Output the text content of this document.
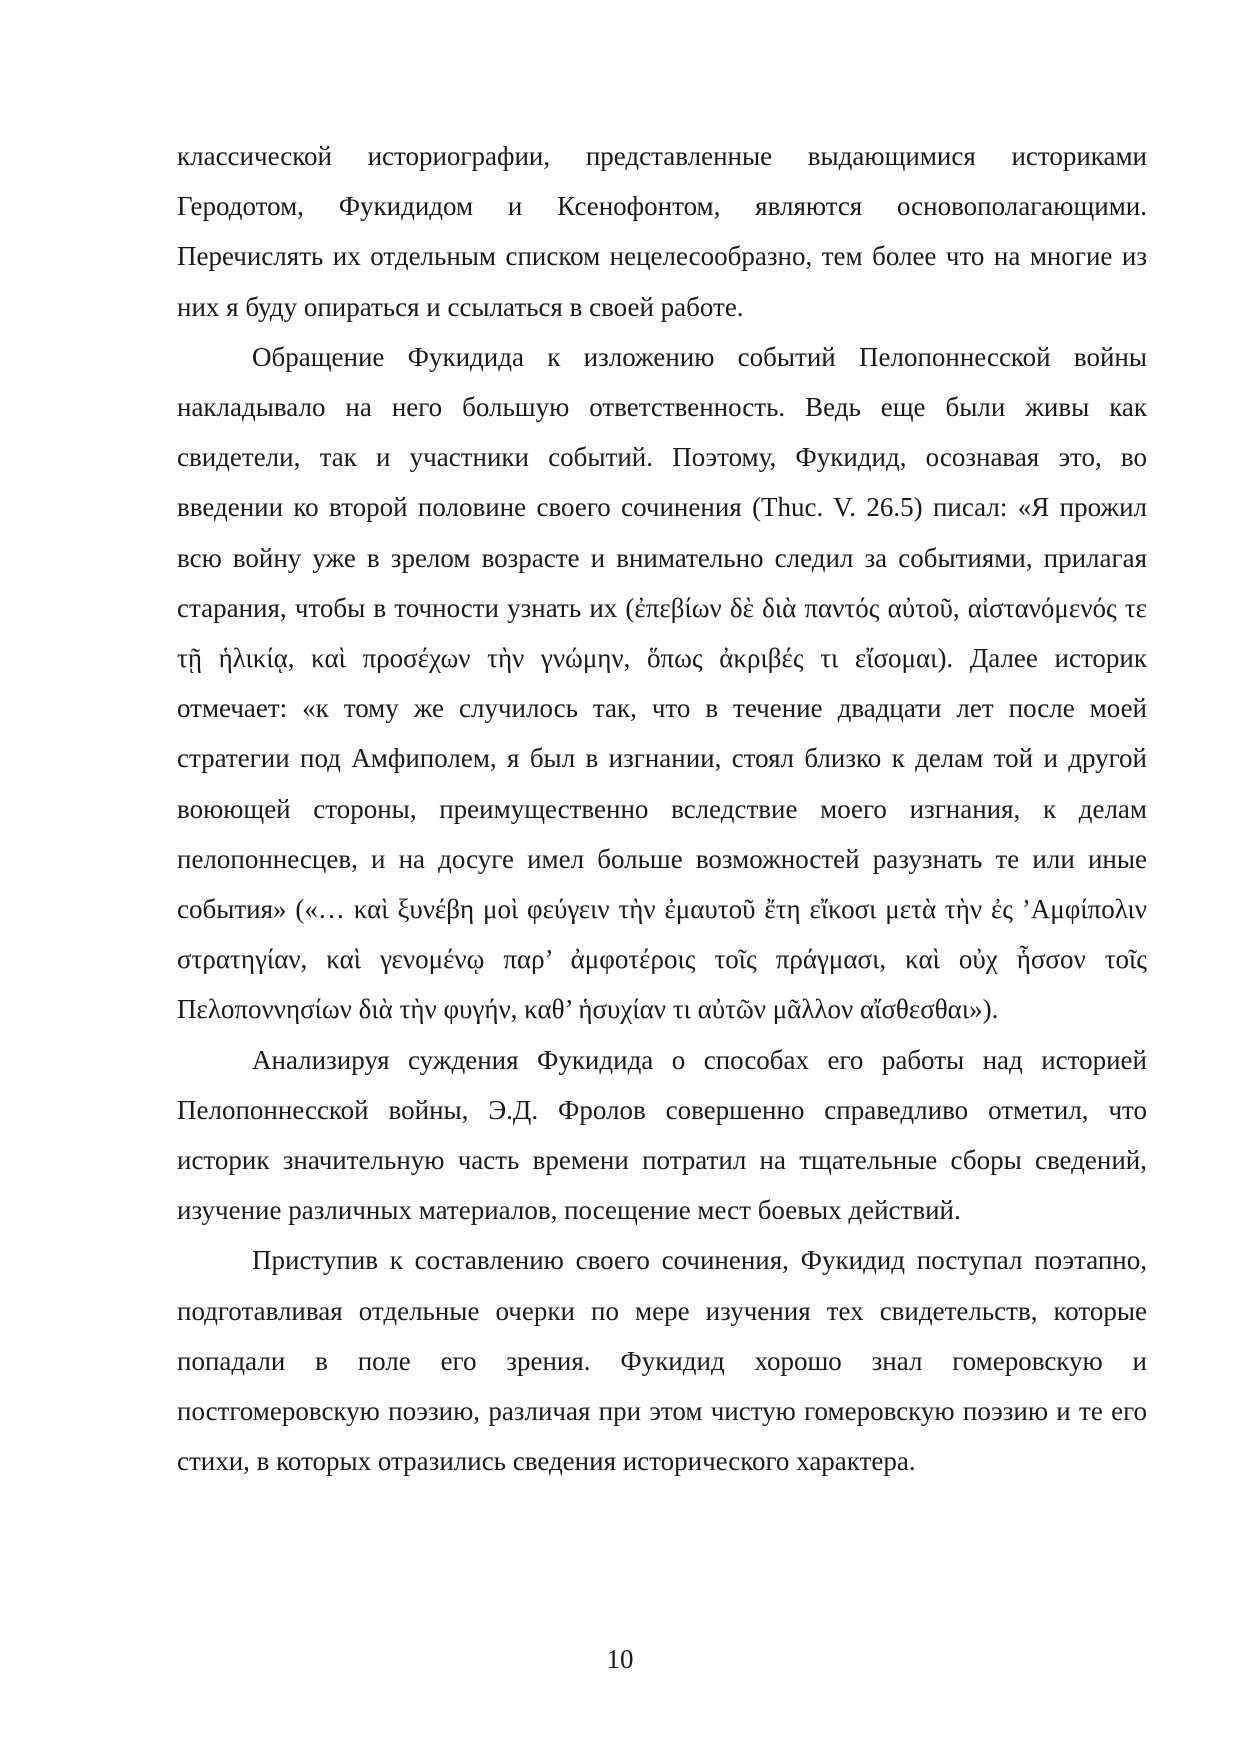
классической историографии, представленные выдающимися историками Геродотом, Фукидидом и Ксенофонтом, являются основополагающими. Перечислять их отдельным списком нецелесообразно, тем более что на многие из них я буду опираться и ссылаться в своей работе.

Обращение Фукидида к изложению событий Пелопоннесской войны накладывало на него большую ответственность. Ведь еще были живы как свидетели, так и участники событий. Поэтому, Фукидид, осознавая это, во введении ко второй половине своего сочинения (Thuc. V. 26.5) писал: «Я прожил всю войну уже в зрелом возрасте и внимательно следил за событиями, прилагая старания, чтобы в точности узнать их (ἐπεβίων δὲ διὰ παντός αὐτοῦ, αἰστανόμενός τε τῇ ἡλικίᾳ, καὶ προσέχων τὴν γνώμην, ὅπως ἀκριβές τι εἴσομαι). Далее историк отмечает: «к тому же случилось так, что в течение двадцати лет после моей стратегии под Амфиполем, я был в изгнании, стоял близко к делам той и другой воюющей стороны, преимущественно вследствие моего изгнания, к делам пелопоннесцев, и на досуге имел больше возможностей разузнать те или иные события» («… καὶ ξυνέβη μοὶ φεύγειν τὴν ἐμαυτοῦ ἔτη εἴκοσι μετὰ τὴν ἐς ’Αμφίπολιν στρατηγίαν, καὶ γενομένῳ παρ’ ἀμφοτέροις τοῖς πράγμασι, καὶ οὐχ ἧσσον τοῖς Πελοποννησίων διὰ τὴν φυγήν, καθ’ ἡσυχίαν τι αὐτῶν μᾶλλον αἴσθεσθαι»).

Анализируя суждения Фукидида о способах его работы над историей Пелопоннесской войны, Э.Д. Фролов совершенно справедливо отметил, что историк значительную часть времени потратил на тщательные сборы сведений, изучение различных материалов, посещение мест боевых действий.

Приступив к составлению своего сочинения, Фукидид поступал поэтапно, подготавливая отдельные очерки по мере изучения тех свидетельств, которые попадали в поле его зрения. Фукидид хорошо знал гомеровскую и постгомеровскую поэзию, различая при этом чистую гомеровскую поэзию и те его стихи, в которых отразились сведения исторического характера.

10
